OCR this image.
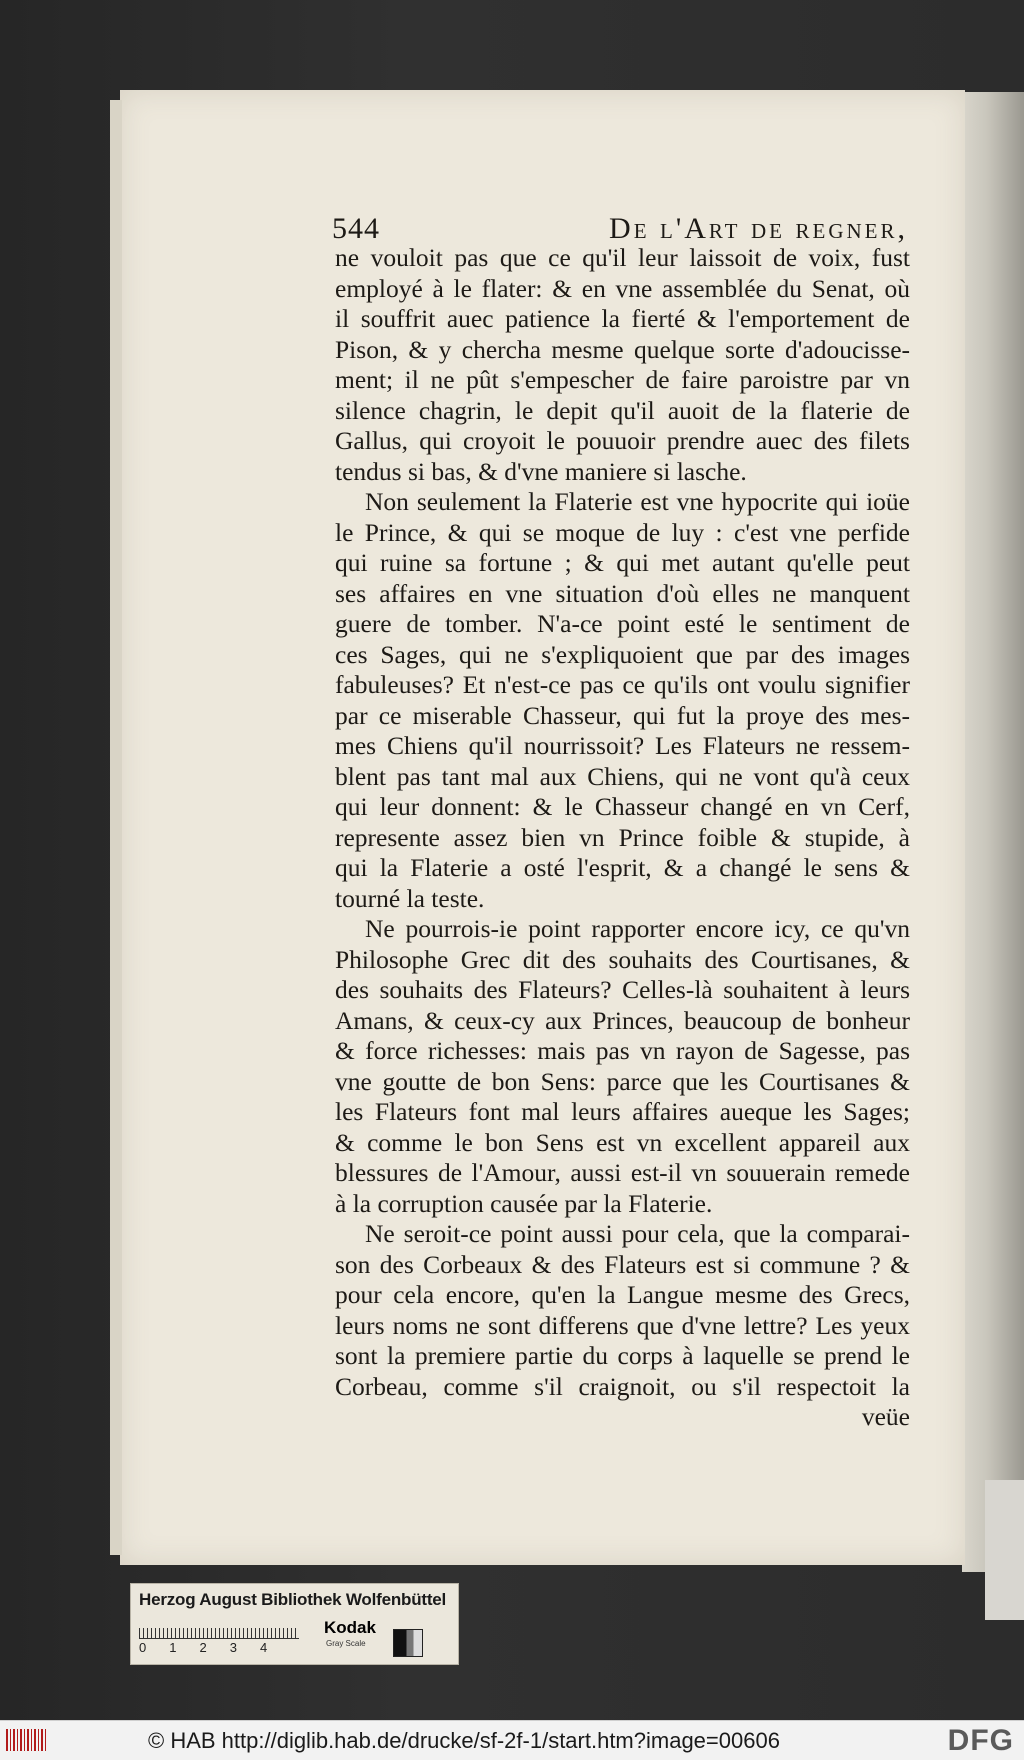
544	De l'Art de regner,
ne vouloit pas que ce qu'il leur laissoit de voix, fust
employé à le flater: & en vne assemblée du Senat, où
il souffrit auec patience la fierté & l'emportement de
Pison, & y chercha mesme quelque sorte d'adoucisse-
ment; il ne pût s'empescher de faire paroistre par vn
silence chagrin, le depit qu'il auoit de la flaterie de
Gallus, qui croyoit le pouuoir prendre auec des filets
tendus si bas, & d'vne maniere si lasche.
Non seulement la Flaterie est vne hypocrite qui ioüe
le Prince, & qui se moque de luy : c'est vne perfide
qui ruine sa fortune ; & qui met autant qu'elle peut
ses affaires en vne situation d'où elles ne manquent
guere de tomber. N'a-ce point esté le sentiment de
ces Sages, qui ne s'expliquoient que par des images
fabuleuses? Et n'est-ce pas ce qu'ils ont voulu signifier
par ce miserable Chasseur, qui fut la proye des mes-
mes Chiens qu'il nourrissoit? Les Flateurs ne ressem-
blent pas tant mal aux Chiens, qui ne vont qu'à ceux
qui leur donnent: & le Chasseur changé en vn Cerf,
represente assez bien vn Prince foible & stupide, à
qui la Flaterie a osté l'esprit, & a changé le sens &
tourné la teste.
Ne pourrois-ie point rapporter encore icy, ce qu'vn
Philosophe Grec dit des souhaits des Courtisanes, &
des souhaits des Flateurs? Celles-là souhaitent à leurs
Amans, & ceux-cy aux Princes, beaucoup de bonheur
& force richesses: mais pas vn rayon de Sagesse, pas
vne goutte de bon Sens: parce que les Courtisanes &
les Flateurs font mal leurs affaires aueque les Sages;
& comme le bon Sens est vn excellent appareil aux
blessures de l'Amour, aussi est-il vn souuerain remede
à la corruption causée par la Flaterie.
Ne seroit-ce point aussi pour cela, que la comparai-
son des Corbeaux & des Flateurs est si commune ? &
pour cela encore, qu'en la Langue mesme des Grecs,
leurs noms ne sont differens que d'vne lettre? Les yeux
sont la premiere partie du corps à laquelle se prend le
Corbeau, comme s'il craignoit, ou s'il respectoit la
veüe
Herzog August Bibliothek Wolfenbüttel
0 1 2 3 4
Kodak
Gray Scale
© HAB http://diglib.hab.de/drucke/sf-2f-1/start.htm?image=00606	DFG
